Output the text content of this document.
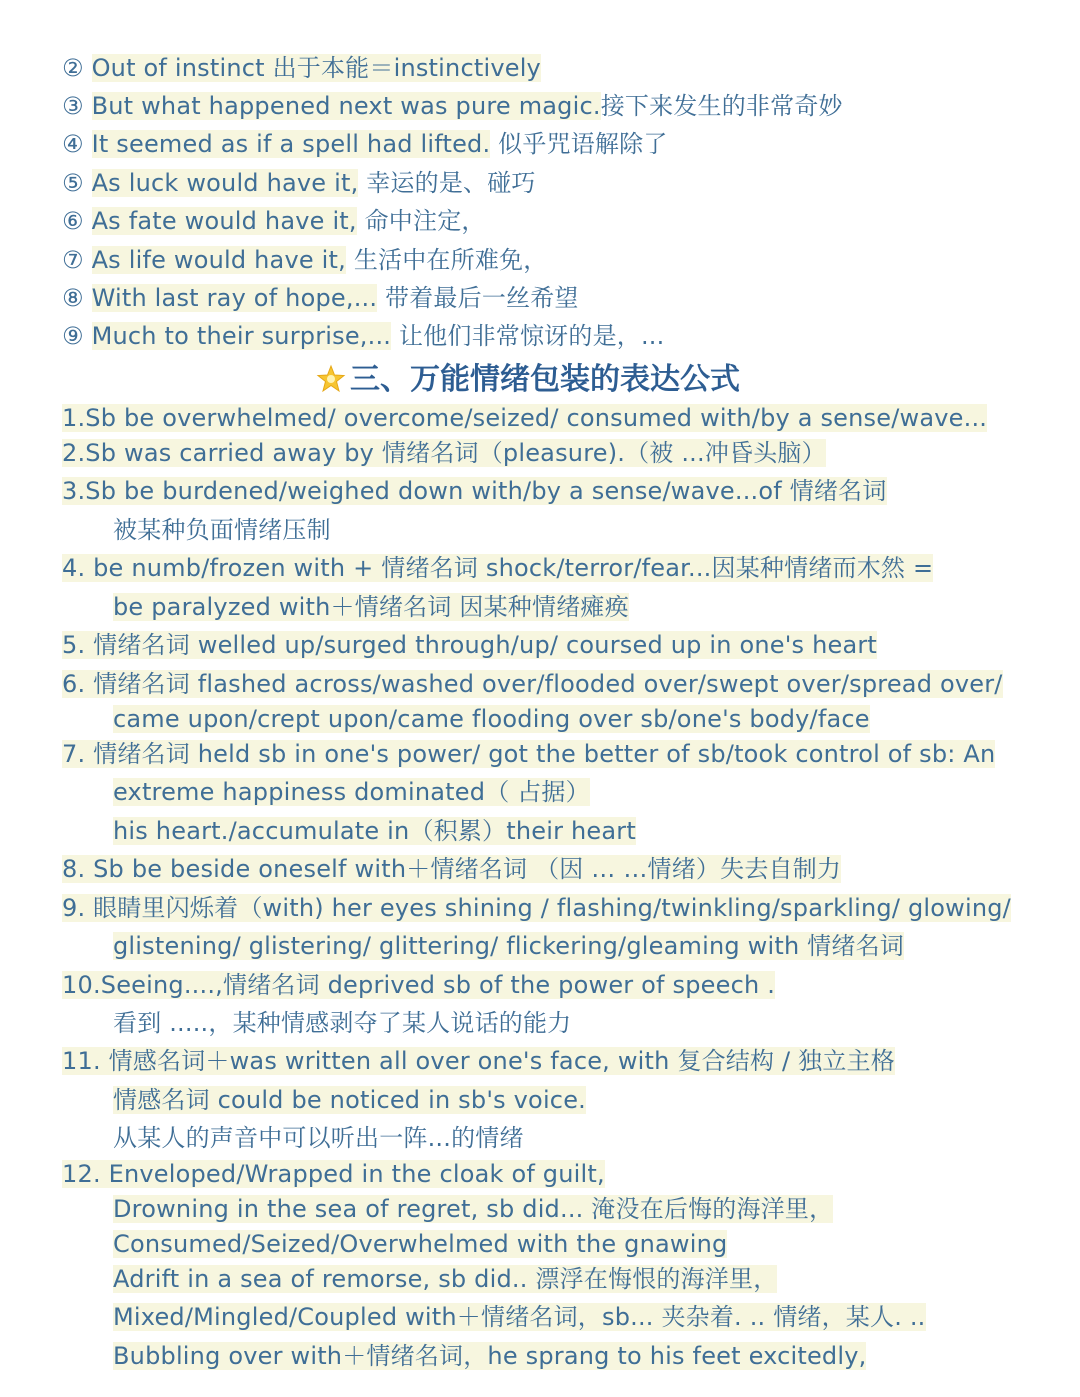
② Out of instinct 出于本能＝instinctively
③ But what happened next was pure magic.接下来发生的非常奇妙
④ It seemed as if a spell had lifted. 似乎咒语解除了
⑤ As luck would have it, 幸运的是、碰巧
⑥ As fate would have it, 命中注定，
⑦ As life would have it, 生活中在所难免，
⑧ With last ray of hope,... 带着最后一丝希望
⑨ Much to their surprise,... 让他们非常惊讶的是，...
三、万能情绪包装的表达公式
1.Sb be overwhelmed/ overcome/seized/ consumed with/by a sense/wave...
2.Sb was carried away by 情绪名词（pleasure).（被 ...冲昏头脑）
3.Sb be burdened/weighed down with/by a sense/wave...of 情绪名词
被某种负面情绪压制
4. be numb/frozen with + 情绪名词 shock/terror/fear...因某种情绪而木然 =
be paralyzed with＋情绪名词 因某种情绪瘫痪
5. 情绪名词 welled up/surged through/up/ coursed up in one's heart
6. 情绪名词 flashed across/washed over/flooded over/swept over/spread over/
came upon/crept upon/came flooding over sb/one's body/face
7. 情绪名词 held sb in one's power/ got the better of sb/took control of sb: An
extreme happiness dominated（ 占据）
his heart./accumulate in（积累）their heart
8. Sb be beside oneself with＋情绪名词 （因 … …情绪）失去自制力
9. 眼睛里闪烁着（with) her eyes shining / flashing/twinkling/sparkling/ glowing/
glistening/ glistering/ glittering/ flickering/gleaming with 情绪名词
10.Seeing....,情绪名词 deprived sb of the power of speech .
看到 .....，某种情感剥夺了某人说话的能力
11. 情感名词＋was written all over one's face, with 复合结构 / 独立主格
情感名词 could be noticed in sb's voice.
从某人的声音中可以听出一阵...的情绪
12. Enveloped/Wrapped in the cloak of guilt,
Drowning in the sea of regret, sb did... 淹没在后悔的海洋里，
Consumed/Seized/Overwhelmed with the gnawing
Adrift in a sea of remorse, sb did.. 漂浮在悔恨的海洋里，
Mixed/Mingled/Coupled with＋情绪名词，sb... 夹杂着. .. 情绪，某人. ..
Bubbling over with＋情绪名词，he sprang to his feet excitedly,
